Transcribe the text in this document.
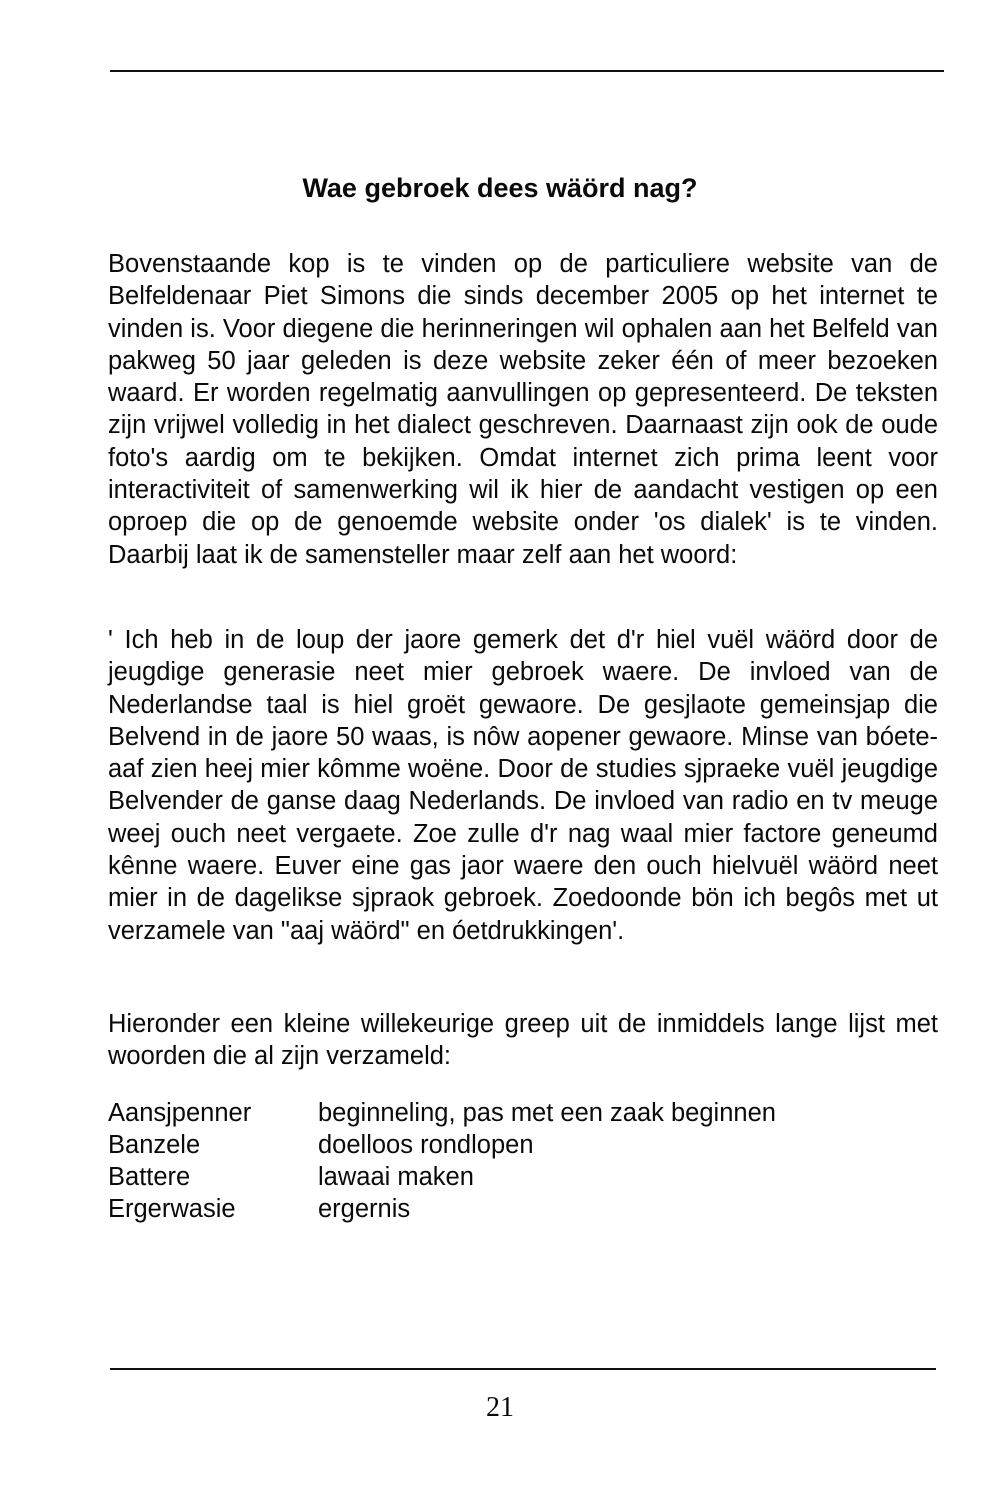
Wae gebroek dees wäörd nag?

Bovenstaande kop is te vinden op de particuliere website van de Belfeldenaar Piet Simons die sinds december 2005 op het internet te vinden is. Voor diegene die herinneringen wil ophalen aan het Belfeld van pakweg 50 jaar geleden is deze website zeker één of meer bezoeken waard. Er worden regelmatig aanvullingen op gepresenteerd. De teksten zijn vrijwel volledig in het dialect geschreven. Daarnaast zijn ook de oude foto's aardig om te bekijken. Omdat internet zich prima leent voor interactiviteit of samenwerking wil ik hier de aandacht vestigen op een oproep die op de genoemde website onder 'os dialek' is te vinden. Daarbij laat ik de samensteller maar zelf aan het woord:

' Ich heb in de loup der jaore gemerk det d'r hiel vuël wäörd door de jeugdige generasie neet mier gebroek waere. De invloed van de Nederlandse taal is hiel groët gewaore. De gesjlaote gemeinsjap die Belvend in de jaore 50 waas, is nôw aopener gewaore. Minse van bóete-aaf zien heej mier kômme woëne. Door de studies sjpraeke vuël jeugdige Belvender de ganse daag Nederlands. De invloed van radio en tv meuge weej ouch neet vergaete. Zoe zulle d'r nag waal mier factore geneumd kênne waere. Euver eine gas jaor waere den ouch hielvuël wäörd neet mier in de dagelikse sjpraok gebroek. Zoedoonde bön ich begôs met ut verzamele van "aaj wäörd" en óetdrukkingen'.

Hieronder een kleine willekeurige greep uit de inmiddels lange lijst met woorden die al zijn verzameld:

Aansjpenner	beginneling, pas met een zaak beginnen
Banzele	doelloos rondlopen
Battere	lawaai maken
Ergerwasie	ergernis
21
